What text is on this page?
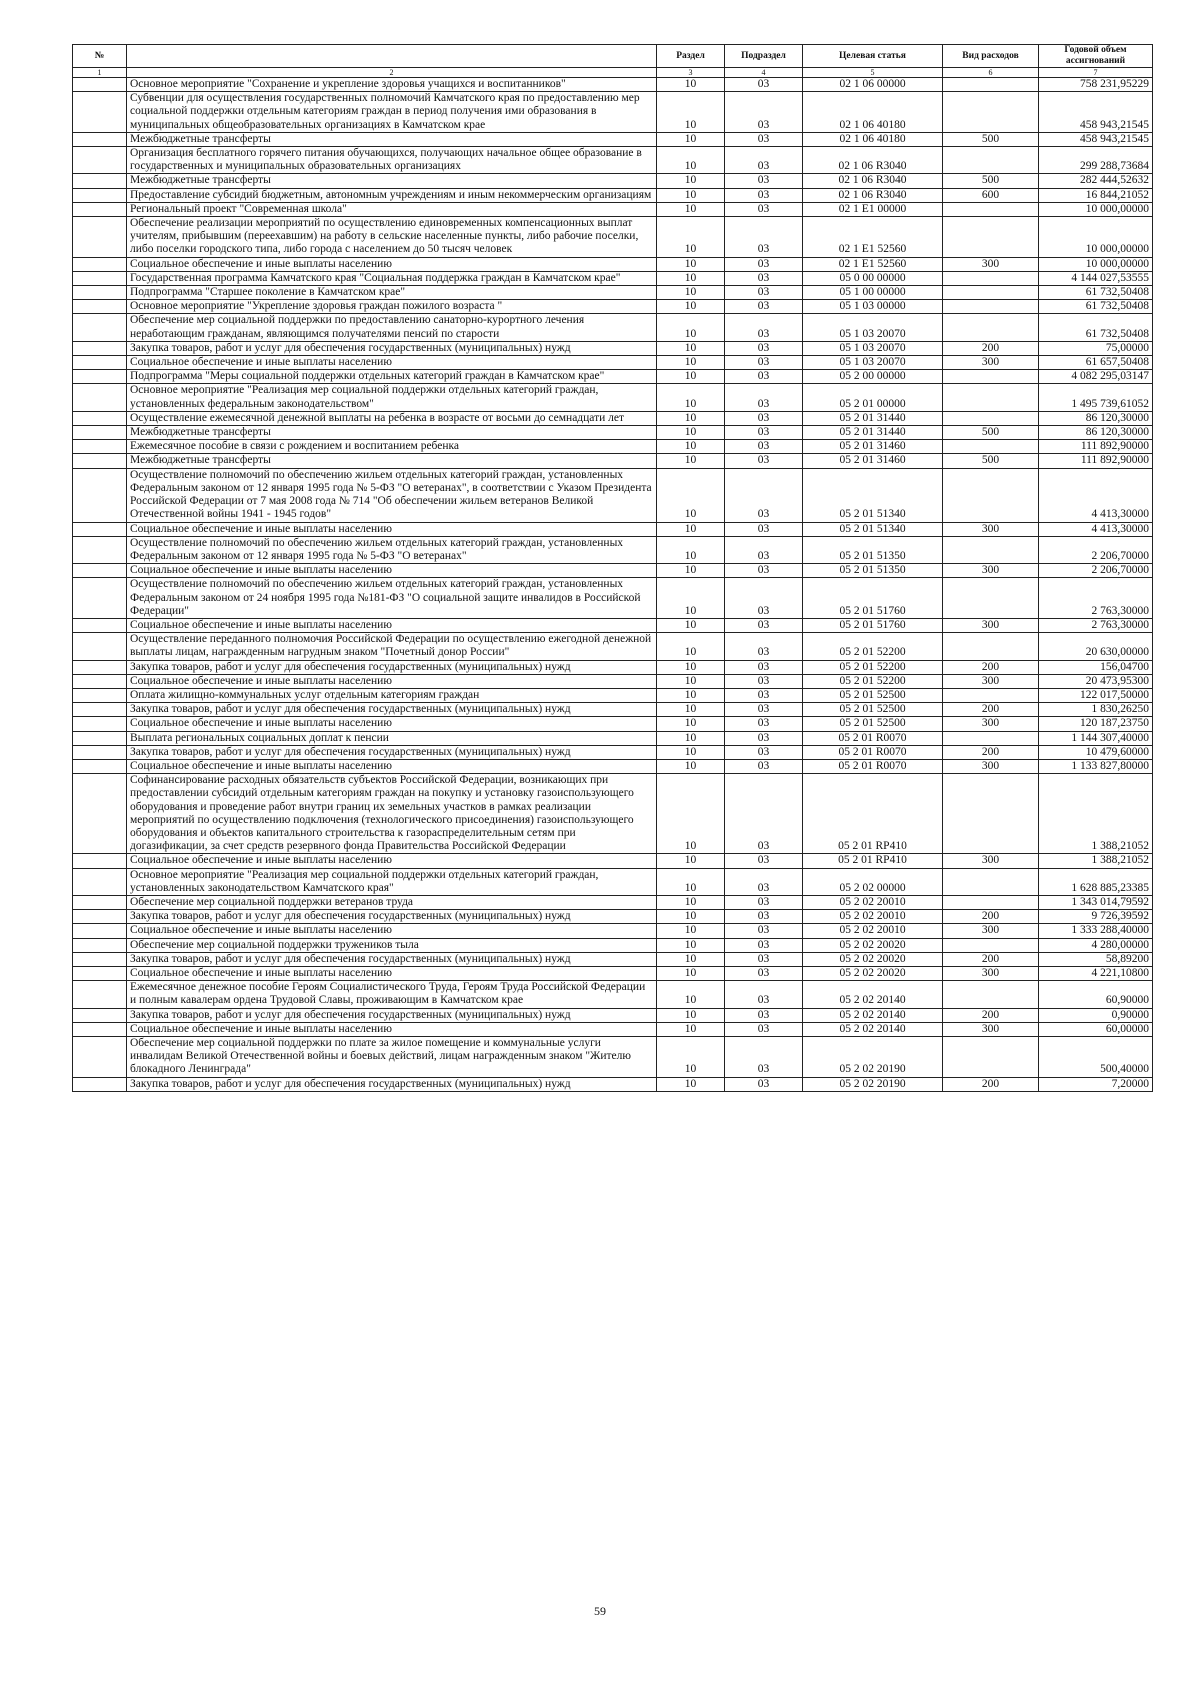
№		Раздел	Подраздел	Целевая статья	Вид расходов	Годовой объем ассигнований
1	2	3	4	5	6	7
	Основное мероприятие "Сохранение и укрепление здоровья учащихся и воспитанников"	10	03	02 1 06 00000		758 231,95229
	Субвенции для осуществления государственных полномочий Камчатского края по предоставлению мер социальной поддержки отдельным категориям граждан в период получения ими образования в муниципальных общеобразовательных организациях в Камчатском крае	10	03	02 1 06 40180		458 943,21545
	Межбюджетные трансферты	10	03	02 1 06 40180	500	458 943,21545
	Организация бесплатного горячего питания обучающихся, получающих начальное общее образование в государственных и муниципальных образовательных организациях	10	03	02 1 06 R3040		299 288,73684
	Межбюджетные трансферты	10	03	02 1 06 R3040	500	282 444,52632
	Предоставление субсидий бюджетным, автономным учреждениям и иным некоммерческим организациям	10	03	02 1 06 R3040	600	16 844,21052
	Региональный проект "Современная школа"	10	03	02 1 E1 00000		10 000,00000
	Обеспечение реализации мероприятий по осуществлению единовременных компенсационных выплат учителям, прибывшим (переехавшим) на работу в сельские населенные пункты, либо рабочие поселки, либо поселки городского типа, либо города с населением до 50 тысяч человек	10	03	02 1 E1 52560		10 000,00000
	Социальное обеспечение и иные выплаты населению	10	03	02 1 E1 52560	300	10 000,00000
	Государственная программа Камчатского края "Социальная поддержка граждан в Камчатском крае"	10	03	05 0 00 00000		4 144 027,53555
	Подпрограмма "Старшее поколение в Камчатском крае"	10	03	05 1 00 00000		61 732,50408
	Основное мероприятие "Укрепление здоровья граждан пожилого возраста "	10	03	05 1 03 00000		61 732,50408
	Обеспечение мер социальной поддержки по предоставлению санаторно-курортного лечения неработающим гражданам, являющимся получателями пенсий по старости	10	03	05 1 03 20070		61 732,50408
	Закупка товаров, работ и услуг для обеспечения государственных (муниципальных) нужд	10	03	05 1 03 20070	200	75,00000
	Социальное обеспечение и иные выплаты населению	10	03	05 1 03 20070	300	61 657,50408
	Подпрограмма "Меры социальной поддержки отдельных категорий граждан в Камчатском крае"	10	03	05 2 00 00000		4 082 295,03147
	Основное мероприятие "Реализация мер социальной поддержки отдельных категорий граждан, установленных федеральным законодательством"	10	03	05 2 01 00000		1 495 739,61052
	Осуществление ежемесячной денежной выплаты на ребенка в возрасте от восьми до семнадцати лет	10	03	05 2 01 31440		86 120,30000
	Межбюджетные трансферты	10	03	05 2 01 31440	500	86 120,30000
	Ежемесячное пособие в связи с рождением и воспитанием ребенка	10	03	05 2 01 31460		111 892,90000
	Межбюджетные трансферты	10	03	05 2 01 31460	500	111 892,90000
	Осуществление полномочий по обеспечению жильем отдельных категорий граждан, установленных Федеральным законом от 12 января 1995 года № 5-ФЗ "О ветеранах", в соответствии с Указом Президента Российской Федерации от 7 мая 2008 года № 714 "Об обеспечении жильем ветеранов Великой Отечественной войны 1941 - 1945 годов"	10	03	05 2 01 51340		4 413,30000
	Социальное обеспечение и иные выплаты населению	10	03	05 2 01 51340	300	4 413,30000
	Осуществление полномочий по обеспечению жильем отдельных категорий граждан, установленных Федеральным законом от 12 января 1995 года № 5-ФЗ "О ветеранах"	10	03	05 2 01 51350		2 206,70000
	Социальное обеспечение и иные выплаты населению	10	03	05 2 01 51350	300	2 206,70000
	Осуществление полномочий по обеспечению жильем отдельных категорий граждан, установленных Федеральным законом от 24 ноября 1995 года №181-ФЗ "О социальной защите инвалидов в Российской Федерации"	10	03	05 2 01 51760		2 763,30000
	Социальное обеспечение и иные выплаты населению	10	03	05 2 01 51760	300	2 763,30000
	Осуществление переданного полномочия Российской Федерации по осуществлению ежегодной денежной выплаты лицам, награжденным нагрудным знаком "Почетный донор России"	10	03	05 2 01 52200		20 630,00000
	Закупка товаров, работ и услуг для обеспечения государственных (муниципальных) нужд	10	03	05 2 01 52200	200	156,04700
	Социальное обеспечение и иные выплаты населению	10	03	05 2 01 52200	300	20 473,95300
	Оплата жилищно-коммунальных услуг отдельным категориям граждан	10	03	05 2 01 52500		122 017,50000
	Закупка товаров, работ и услуг для обеспечения государственных (муниципальных) нужд	10	03	05 2 01 52500	200	1 830,26250
	Социальное обеспечение и иные выплаты населению	10	03	05 2 01 52500	300	120 187,23750
	Выплата региональных социальных доплат к пенсии	10	03	05 2 01 R0070		1 144 307,40000
	Закупка товаров, работ и услуг для обеспечения государственных (муниципальных) нужд	10	03	05 2 01 R0070	200	10 479,60000
	Социальное обеспечение и иные выплаты населению	10	03	05 2 01 R0070	300	1 133 827,80000
	Софинансирование расходных обязательств субъектов Российской Федерации, возникающих при предоставлении субсидий отдельным категориям граждан на покупку и установку газоиспользующего оборудования и проведение работ внутри границ их земельных участков в рамках реализации мероприятий по осуществлению подключения (технологического присоединения) газоиспользующего оборудования и объектов капитального строительства к газораспределительным сетям при догазификации, за счет средств резервного фонда Правительства Российской Федерации	10	03	05 2 01 RP410		1 388,21052
	Социальное обеспечение и иные выплаты населению	10	03	05 2 01 RP410	300	1 388,21052
	Основное мероприятие "Реализация мер социальной поддержки отдельных категорий граждан, установленных законодательством Камчатского края"	10	03	05 2 02 00000		1 628 885,23385
	Обеспечение мер социальной поддержки ветеранов труда	10	03	05 2 02 20010		1 343 014,79592
	Закупка товаров, работ и услуг для обеспечения государственных (муниципальных) нужд	10	03	05 2 02 20010	200	9 726,39592
	Социальное обеспечение и иные выплаты населению	10	03	05 2 02 20010	300	1 333 288,40000
	Обеспечение мер социальной поддержки тружеников тыла	10	03	05 2 02 20020		4 280,00000
	Закупка товаров, работ и услуг для обеспечения государственных (муниципальных) нужд	10	03	05 2 02 20020	200	58,89200
	Социальное обеспечение и иные выплаты населению	10	03	05 2 02 20020	300	4 221,10800
	Ежемесячное денежное пособие Героям Социалистического Труда, Героям Труда Российской Федерации и полным кавалерам ордена Трудовой Славы, проживающим в Камчатском крае	10	03	05 2 02 20140		60,90000
	Закупка товаров, работ и услуг для обеспечения государственных (муниципальных) нужд	10	03	05 2 02 20140	200	0,90000
	Социальное обеспечение и иные выплаты населению	10	03	05 2 02 20140	300	60,00000
	Обеспечение мер социальной поддержки по плате за жилое помещение и коммунальные услуги инвалидам Великой Отечественной войны и боевых действий, лицам награжденным знаком "Жителю блокадного Ленинграда"	10	03	05 2 02 20190		500,40000
	Закупка товаров, работ и услуг для обеспечения государственных (муниципальных) нужд	10	03	05 2 02 20190	200	7,20000
59
